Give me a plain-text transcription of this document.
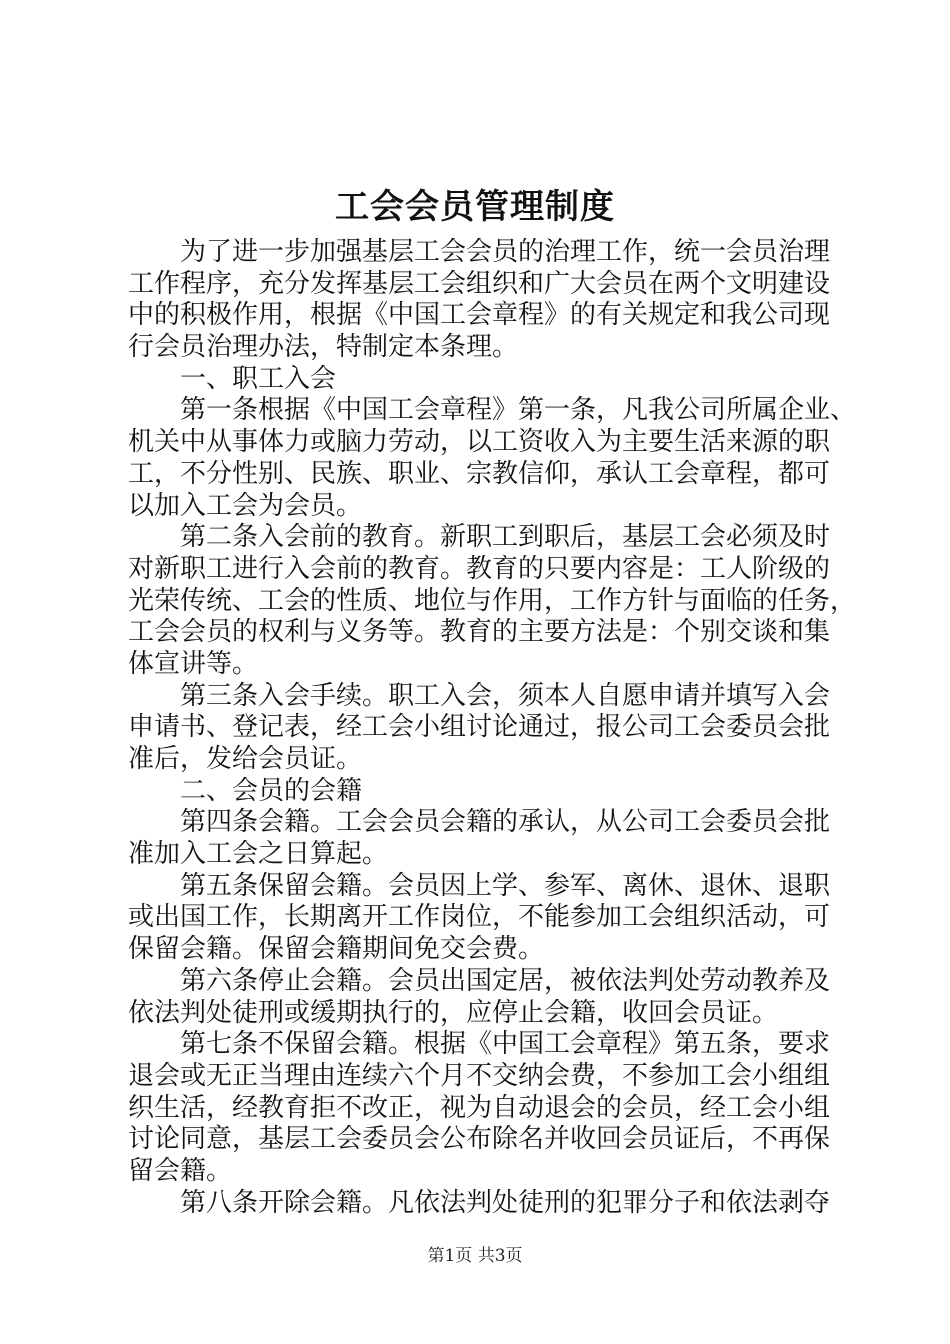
工会会员管理制度
　　为了进一步加强基层工会会员的治理工作，统一会员治理
工作程序，充分发挥基层工会组织和广大会员在两个文明建设
中的积极作用，根据《中国工会章程》的有关规定和我公司现
行会员治理办法，特制定本条理。
一、职工入会
　　第一条根据《中国工会章程》第一条，凡我公司所属企业、
机关中从事体力或脑力劳动，以工资收入为主要生活来源的职
工，不分性别、民族、职业、宗教信仰，承认工会章程，都可
以加入工会为会员。
　　第二条入会前的教育。新职工到职后，基层工会必须及时
对新职工进行入会前的教育。教育的只要内容是：工人阶级的
光荣传统、工会的性质、地位与作用，工作方针与面临的任务，
工会会员的权利与义务等。教育的主要方法是：个别交谈和集
体宣讲等。
　　第三条入会手续。职工入会，须本人自愿申请并填写入会
申请书、登记表，经工会小组讨论通过，报公司工会委员会批
准后，发给会员证。
二、会员的会籍
　　第四条会籍。工会会员会籍的承认，从公司工会委员会批
准加入工会之日算起。
　　第五条保留会籍。会员因上学、参军、离休、退休、退职
或出国工作，长期离开工作岗位，不能参加工会组织活动，可
保留会籍。保留会籍期间免交会费。
　　第六条停止会籍。会员出国定居，被依法判处劳动教养及
依法判处徒刑或缓期执行的，应停止会籍，收回会员证。
　　第七条不保留会籍。根据《中国工会章程》第五条，要求
退会或无正当理由连续六个月不交纳会费，不参加工会小组组
织生活，经教育拒不改正，视为自动退会的会员，经工会小组
讨论同意，基层工会委员会公布除名并收回会员证后，不再保
留会籍。
　　第八条开除会籍。凡依法判处徒刑的犯罪分子和依法剥夺
第1页 共3页
